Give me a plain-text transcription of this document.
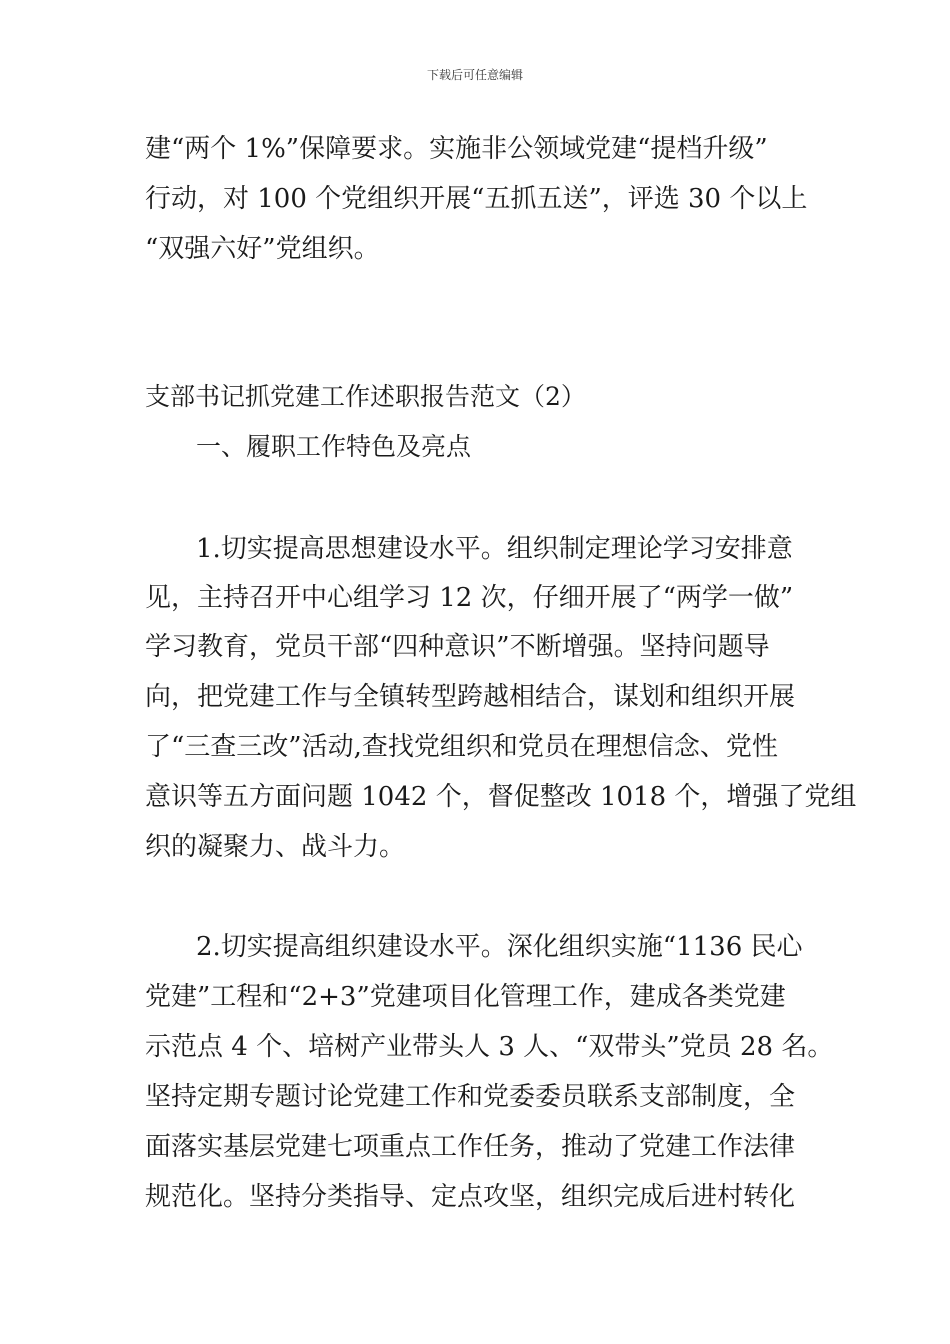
下载后可任意编辑
建“两个 1%”保障要求。实施非公领域党建“提档升级”
行动，对 100 个党组织开展“五抓五送”，评选 30 个以上
“双强六好”党组织。
支部书记抓党建工作述职报告范文（2）
一、履职工作特色及亮点
1.切实提高思想建设水平。组织制定理论学习安排意
见，主持召开中心组学习 12 次，仔细开展了“两学一做”
学习教育，党员干部“四种意识”不断增强。坚持问题导
向，把党建工作与全镇转型跨越相结合，谋划和组织开展
了“三查三改”活动,查找党组织和党员在理想信念、党性
意识等五方面问题 1042 个，督促整改 1018 个，增强了党组
织的凝聚力、战斗力。
2.切实提高组织建设水平。深化组织实施“1136 民心
党建”工程和“2+3”党建项目化管理工作，建成各类党建
示范点 4 个、培树产业带头人 3 人、“双带头”党员 28 名。
坚持定期专题讨论党建工作和党委委员联系支部制度，全
面落实基层党建七项重点工作任务，推动了党建工作法律
规范化。坚持分类指导、定点攻坚，组织完成后进村转化
